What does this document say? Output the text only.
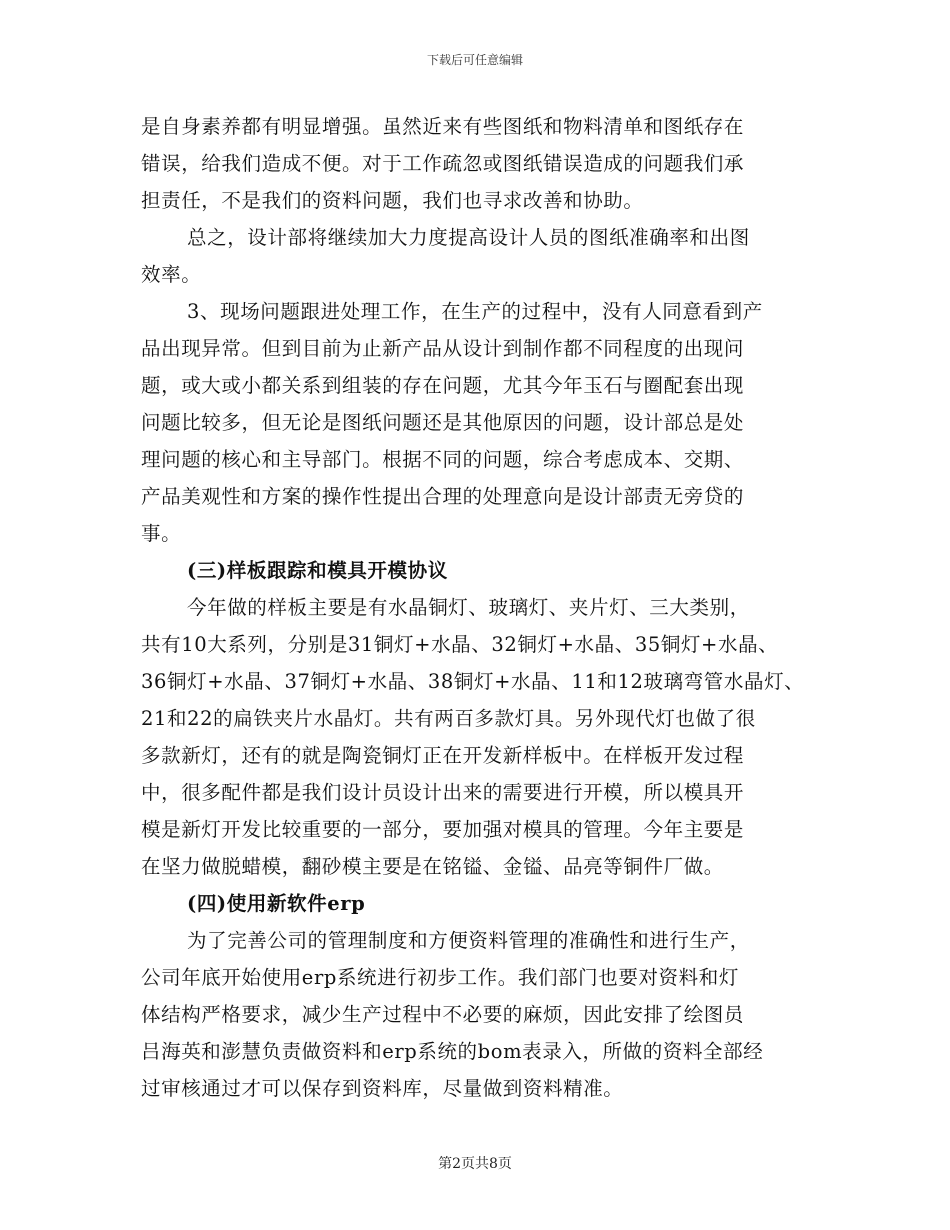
下载后可任意编辑
是自身素养都有明显增强。虽然近来有些图纸和物料清单和图纸存在
错误，给我们造成不便。对于工作疏忽或图纸错误造成的问题我们承
担责任，不是我们的资料问题，我们也寻求改善和协助。
总之，设计部将继续加大力度提高设计人员的图纸准确率和出图
效率。
3、现场问题跟进处理工作，在生产的过程中，没有人同意看到产
品出现异常。但到目前为止新产品从设计到制作都不同程度的出现问
题，或大或小都关系到组装的存在问题，尤其今年玉石与圈配套出现
问题比较多，但无论是图纸问题还是其他原因的问题，设计部总是处
理问题的核心和主导部门。根据不同的问题，综合考虑成本、交期、
产品美观性和方案的操作性提出合理的处理意向是设计部责无旁贷的
事。
(三)样板跟踪和模具开模协议
今年做的样板主要是有水晶铜灯、玻璃灯、夹片灯、三大类别，
共有10大系列，分别是31铜灯+水晶、32铜灯+水晶、35铜灯+水晶、
36铜灯+水晶、37铜灯+水晶、38铜灯+水晶、11和12玻璃弯管水晶灯、
21和22的扁铁夹片水晶灯。共有两百多款灯具。另外现代灯也做了很
多款新灯，还有的就是陶瓷铜灯正在开发新样板中。在样板开发过程
中，很多配件都是我们设计员设计出来的需要进行开模，所以模具开
模是新灯开发比较重要的一部分，要加强对模具的管理。今年主要是
在坚力做脱蜡模，翻砂模主要是在铭镒、金镒、品亮等铜件厂做。
(四)使用新软件erp
为了完善公司的管理制度和方便资料管理的准确性和进行生产，
公司年底开始使用erp系统进行初步工作。我们部门也要对资料和灯
体结构严格要求，减少生产过程中不必要的麻烦，因此安排了绘图员
吕海英和澎慧负责做资料和erp系统的bom表录入，所做的资料全部经
过审核通过才可以保存到资料库，尽量做到资料精准。
第2页共8页
